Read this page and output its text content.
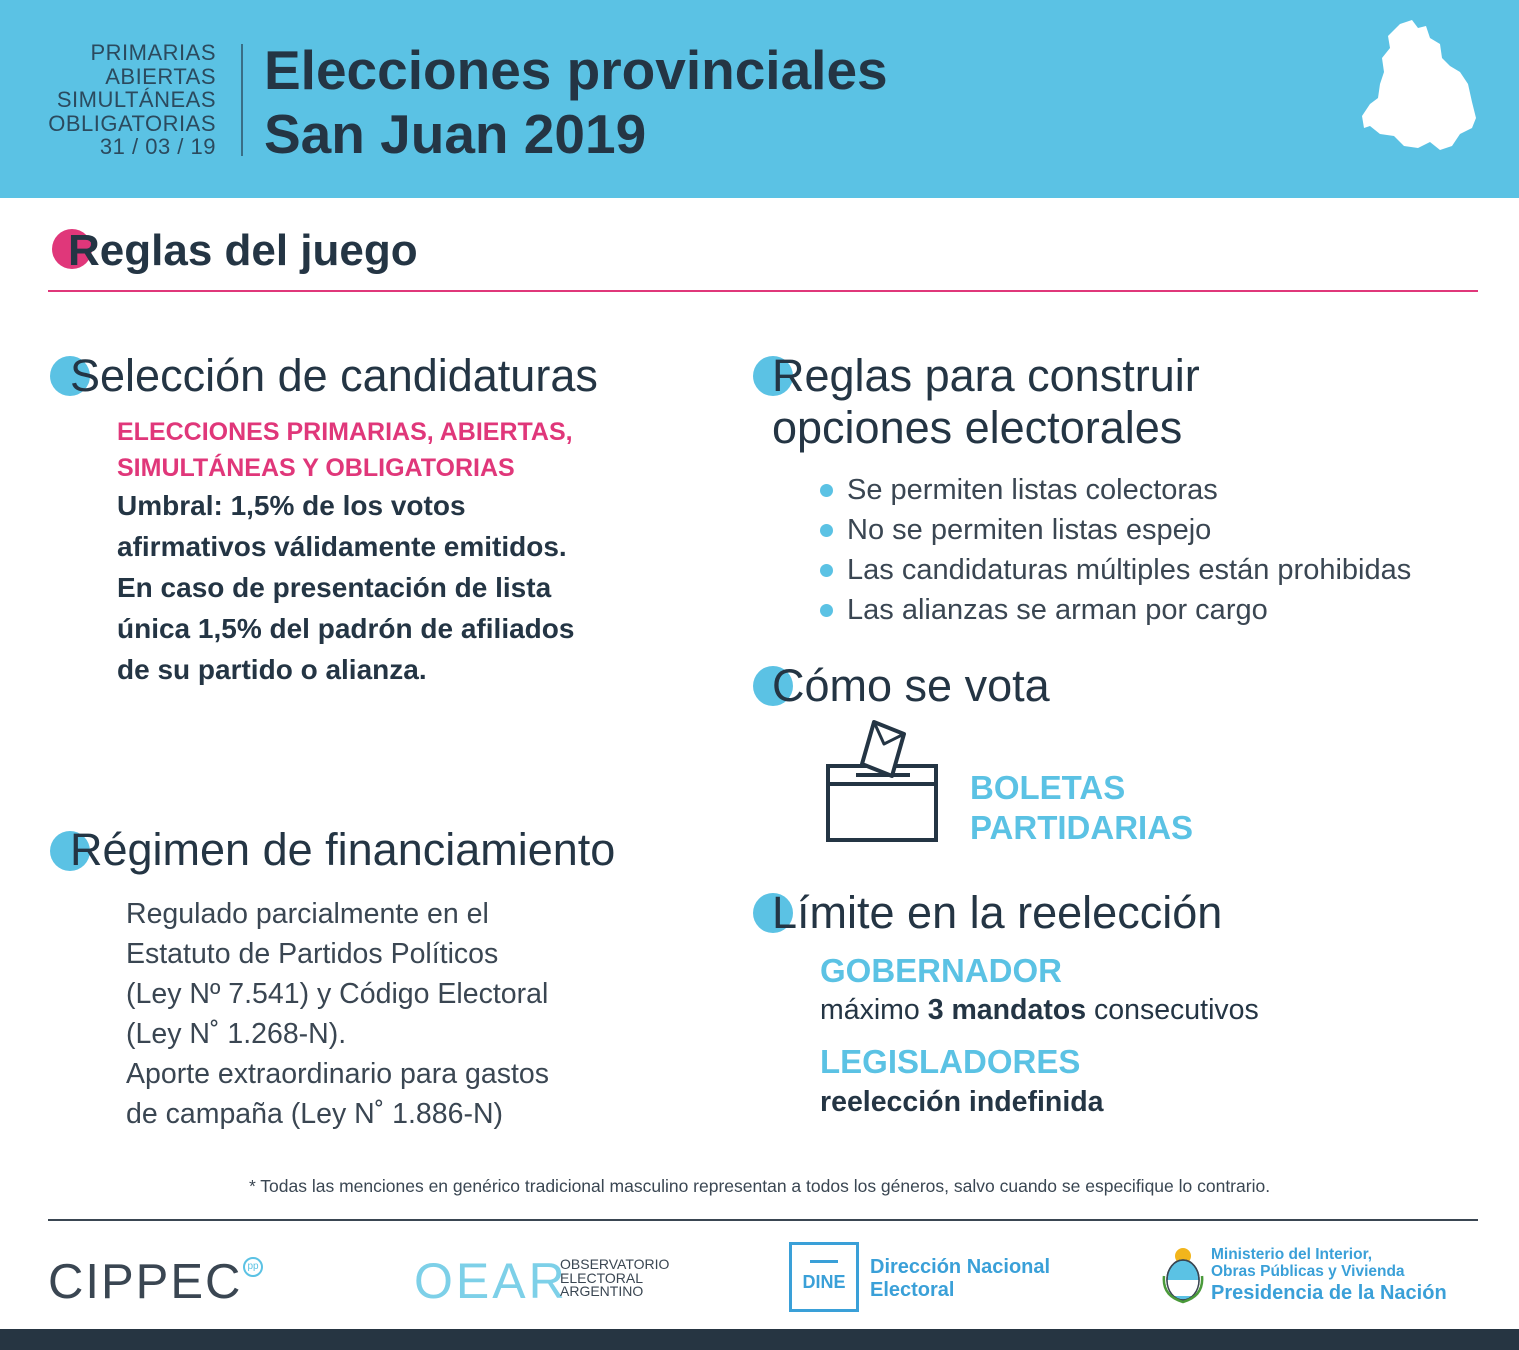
PRIMARIAS
ABIERTAS
SIMULTÁNEAS
OBLIGATORIAS
31 / 03 / 19
Elecciones provinciales
San Juan 2019
Reglas del juego
Selección de candidaturas
ELECCIONES PRIMARIAS, ABIERTAS,
SIMULTÁNEAS Y OBLIGATORIAS
Umbral: 1,5% de los votos
afirmativos válidamente emitidos.
En caso de presentación de lista
única 1,5% del padrón de afiliados
de su partido o alianza.
Régimen de financiamiento
Regulado parcialmente en el
Estatuto de Partidos Políticos
(Ley Nº 7.541) y Código Electoral
(Ley N˚ 1.268-N).
Aporte extraordinario para gastos
de campaña (Ley N˚ 1.886-N)
Reglas para construir
opciones electorales
Se permiten listas colectoras
No se permiten listas espejo
Las candidaturas múltiples están prohibidas
Las alianzas se arman por cargo
Cómo se vota
BOLETAS
PARTIDARIAS
Límite en la reelección
GOBERNADOR
máximo 3 mandatos consecutivos
LEGISLADORES
reelección indefinida
* Todas las menciones en genérico tradicional masculino representan a todos los géneros, salvo cuando se especifique lo contrario.
CIPPEC pp	OEAR
OBSERVATORIO
ELECTORAL
ARGENTINO	DINE
Dirección Nacional
Electoral
Ministerio del Interior,
Obras Públicas y Vivienda
Presidencia de la Nación
